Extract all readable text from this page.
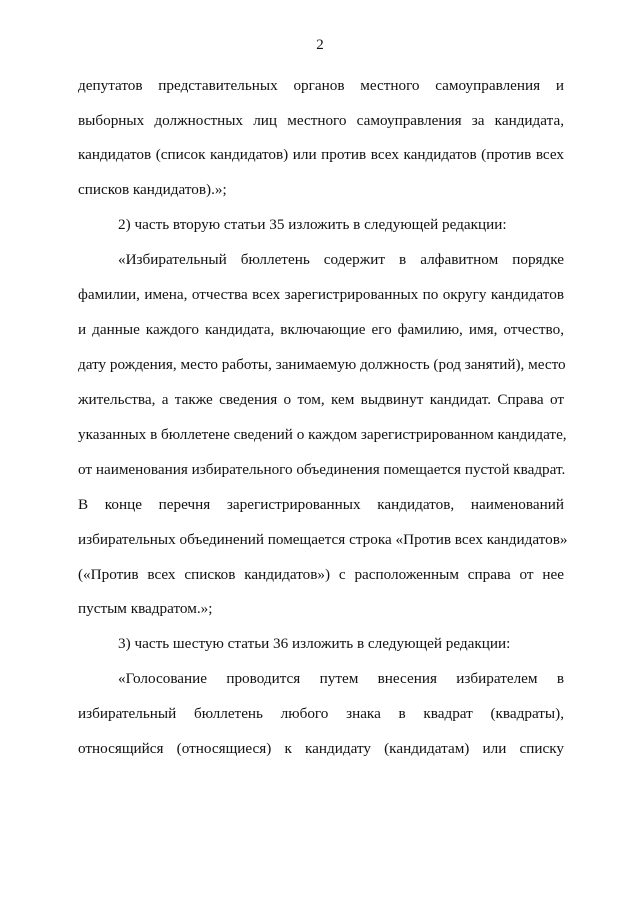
2
депутатов представительных органов местного самоуправления и
выборных должностных лиц местного самоуправления за кандидата,
кандидатов (список кандидатов) или против всех кандидатов (против всех
списков кандидатов).»;
2) часть вторую статьи 35 изложить в следующей редакции:
«Избирательный бюллетень содержит в алфавитном порядке
фамилии, имена, отчества всех зарегистрированных по округу кандидатов
и данные каждого кандидата, включающие его фамилию, имя, отчество,
дату рождения, место работы, занимаемую должность (род занятий), место
жительства, а также сведения о том, кем выдвинут кандидат. Справа от
указанных в бюллетене сведений о каждом зарегистрированном кандидате,
от наименования избирательного объединения помещается пустой квадрат.
В конце перечня зарегистрированных кандидатов, наименований
избирательных объединений помещается строка «Против всех кандидатов»
(«Против всех списков кандидатов») с расположенным справа от нее
пустым квадратом.»;
3) часть шестую статьи 36 изложить в следующей редакции:
«Голосование проводится путем внесения избирателем в
избирательный бюллетень любого знака в квадрат (квадраты),
относящийся (относящиеся) к кандидату (кандидатам) или списку
